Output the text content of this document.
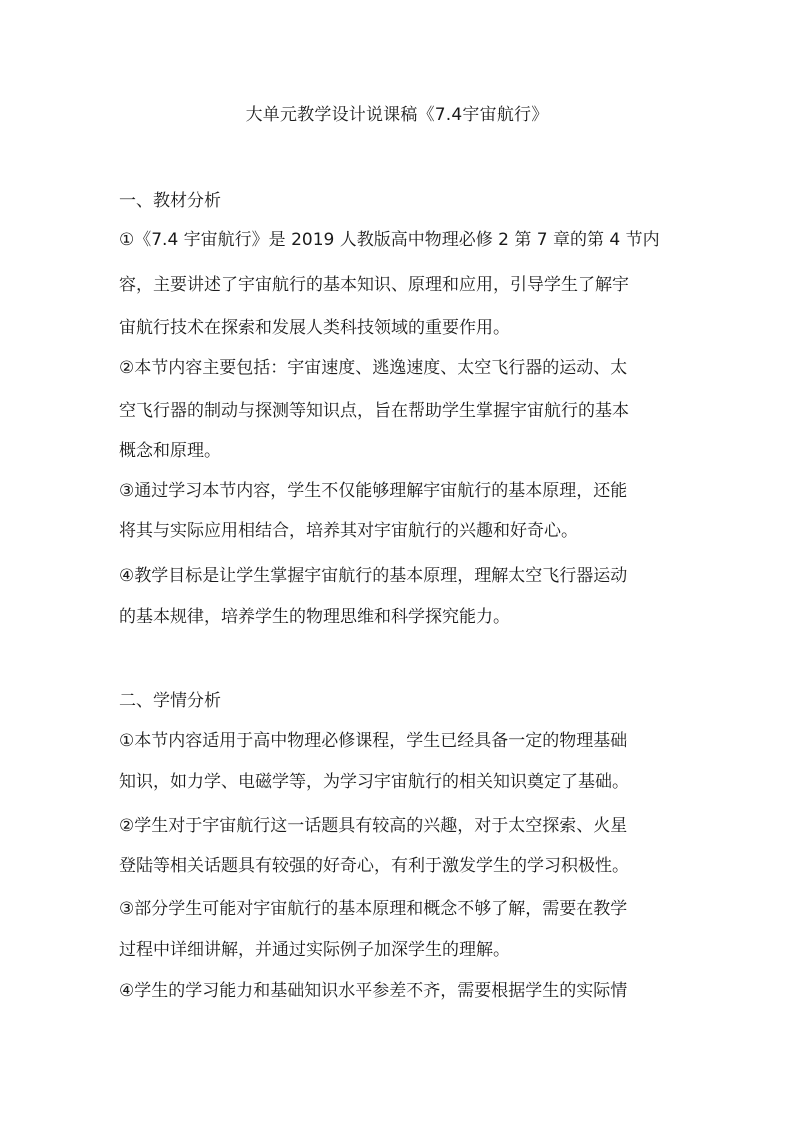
大单元教学设计说课稿《7.4宇宙航行》
一、教材分析
①《7.4 宇宙航行》是 2019 人教版高中物理必修 2 第 7 章的第 4 节内
容，主要讲述了宇宙航行的基本知识、原理和应用，引导学生了解宇
宙航行技术在探索和发展人类科技领域的重要作用。
②本节内容主要包括：宇宙速度、逃逸速度、太空飞行器的运动、太
空飞行器的制动与探测等知识点，旨在帮助学生掌握宇宙航行的基本
概念和原理。
③通过学习本节内容，学生不仅能够理解宇宙航行的基本原理，还能
将其与实际应用相结合，培养其对宇宙航行的兴趣和好奇心。
④教学目标是让学生掌握宇宙航行的基本原理，理解太空飞行器运动
的基本规律，培养学生的物理思维和科学探究能力。
二、学情分析
①本节内容适用于高中物理必修课程，学生已经具备一定的物理基础
知识，如力学、电磁学等，为学习宇宙航行的相关知识奠定了基础。
②学生对于宇宙航行这一话题具有较高的兴趣，对于太空探索、火星
登陆等相关话题具有较强的好奇心，有利于激发学生的学习积极性。
③部分学生可能对宇宙航行的基本原理和概念不够了解，需要在教学
过程中详细讲解，并通过实际例子加深学生的理解。
④学生的学习能力和基础知识水平参差不齐，需要根据学生的实际情
